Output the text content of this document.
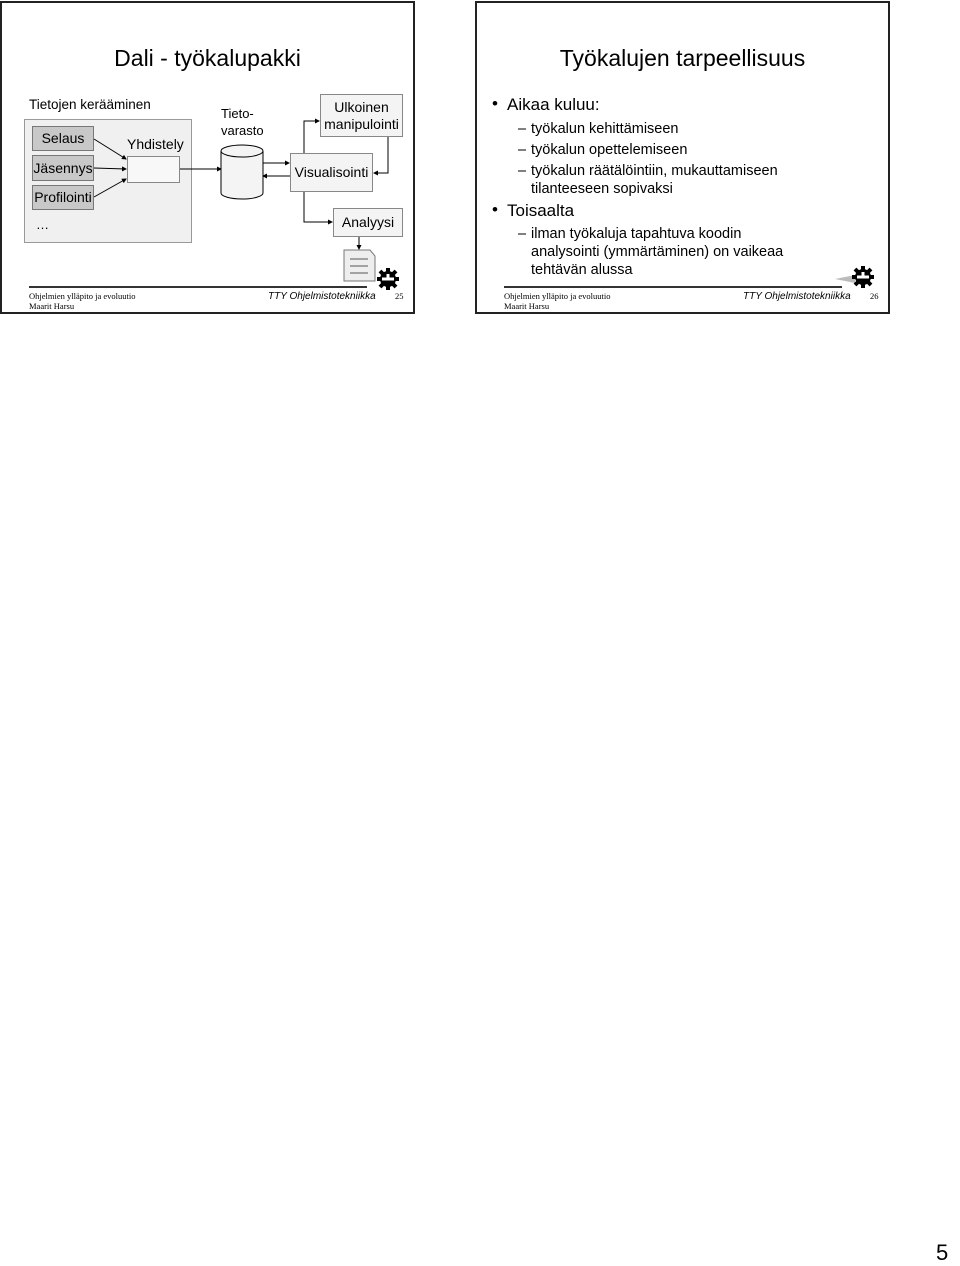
Dali - työkalupakki
Tietojen kerääminen
Selaus
Jäsennys
Profilointi
…
Yhdistely
Tieto-
varasto
Ulkoinen
manipulointi
Visualisointi
Analyysi
Ohjelmien ylläpito ja evoluutio
Maarit Harsu
TTY Ohjelmistotekniikka 25
Työkalujen tarpeellisuus
• Aikaa kuluu:
– työkalun kehittämiseen
– työkalun opettelemiseen
– työkalun räätälöintiin, mukauttamiseen
tilanteeseen sopivaksi
• Toisaalta
– ilman työkaluja tapahtuva koodin
analysointi (ymmärtäminen) on vaikeaa
tehtävän alussa
Ohjelmien ylläpito ja evoluutio
Maarit Harsu
TTY Ohjelmistotekniikka 26
5
